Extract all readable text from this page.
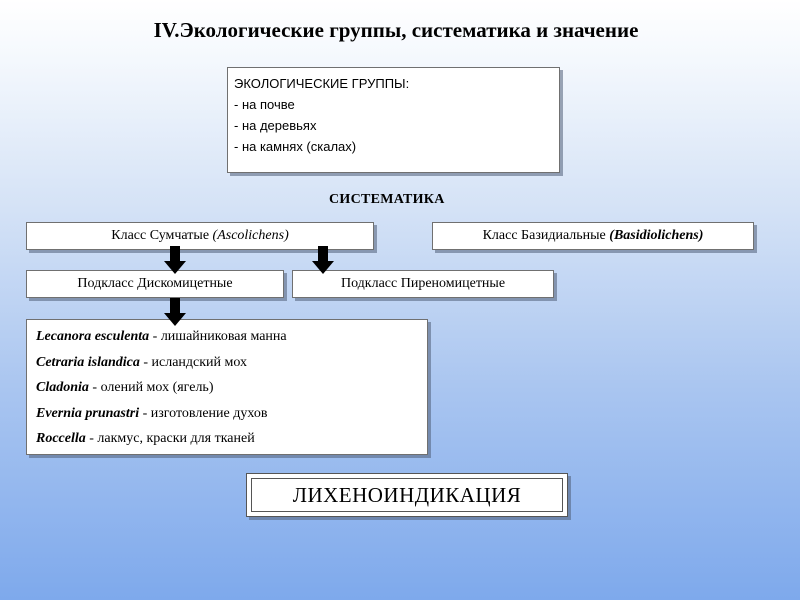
IV.Экологические группы, систематика и значение
ЭКОЛОГИЧЕСКИЕ ГРУППЫ:
- на почве
- на деревьях
- на камнях (скалах)
СИСТЕМАТИКА
Класс Сумчатые (Ascolichens)	Класс Базидиальные (Basidiolichens)
Подкласс Дискомицетные	Подкласс Пиреномицетные
Lecanora esculenta - лишайниковая манна
Cetraria islandica - исландский мох
Cladonia - олений мох (ягель)
Evernia prunastri - изготовление духов
Roccella - лакмус, краски для тканей
ЛИХЕНОИНДИКАЦИЯ
